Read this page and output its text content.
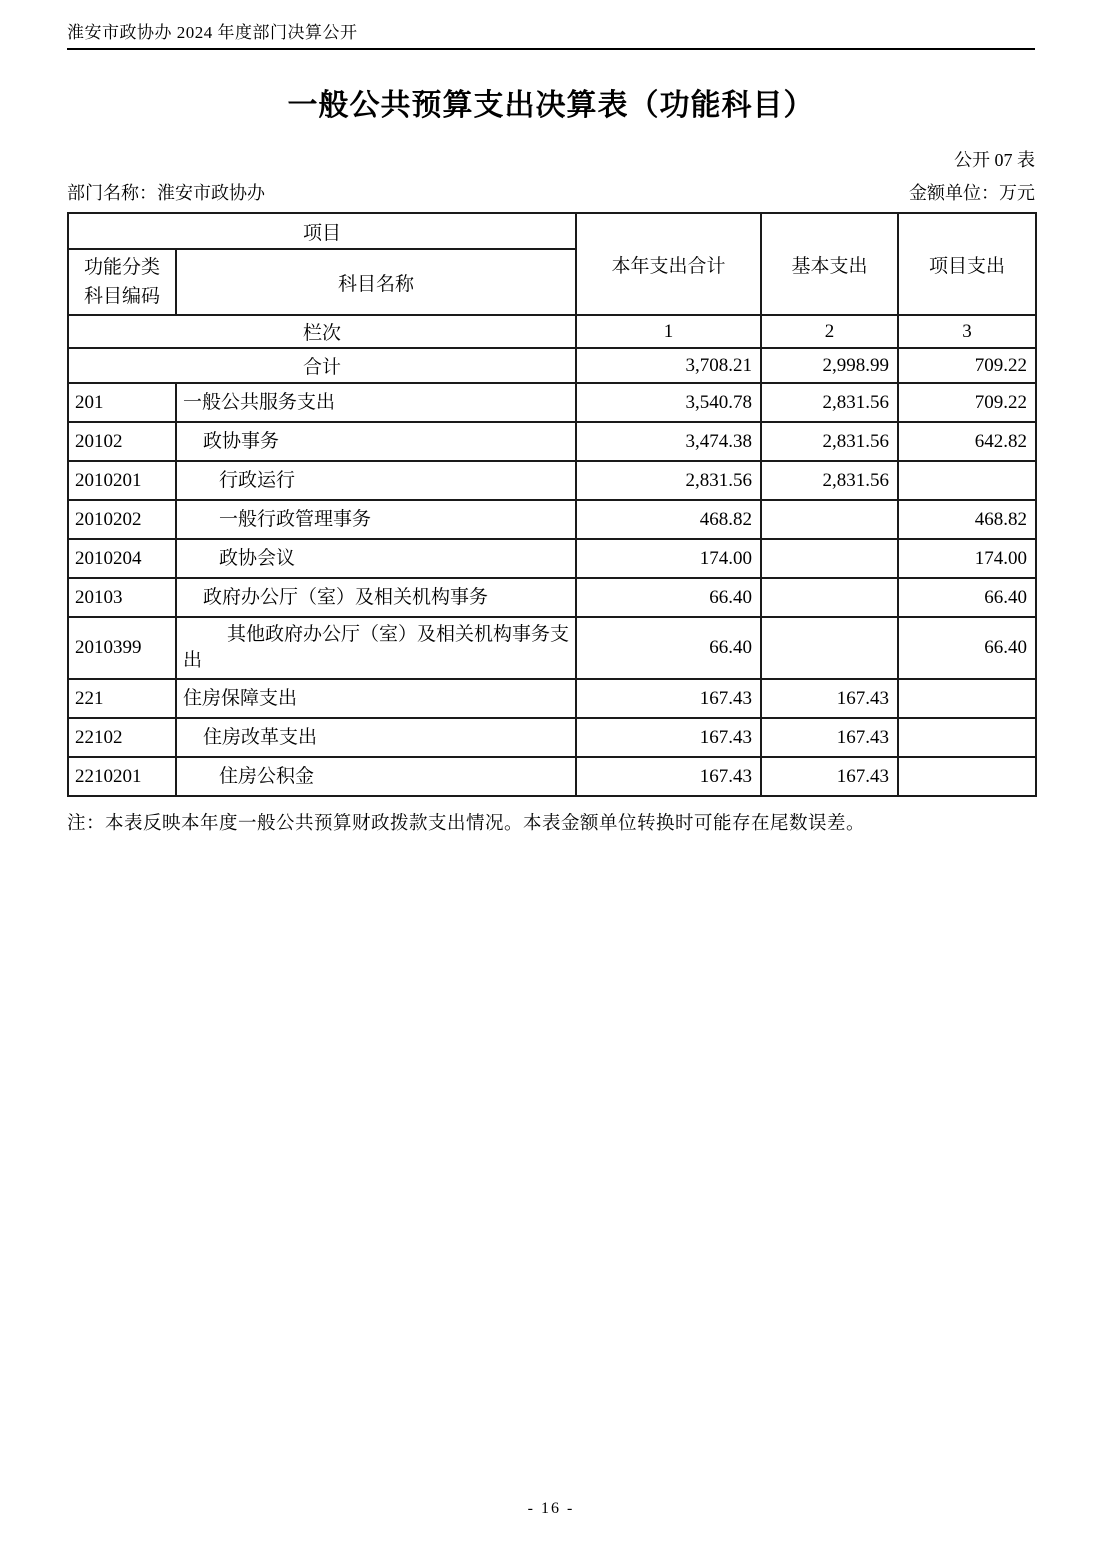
淮安市政协办 2024 年度部门决算公开
一般公共预算支出决算表（功能科目）
公开 07 表
部门名称：淮安市政协办	金额单位：万元
项目		本年支出合计	基本支出	项目支出

功能分类
科目编码	科目名称			
栏次		1	2	3
合计		3,708.21	2,998.99	709.22
201	一般公共服务支出	3,540.78	2,831.56	709.22
20102	政协事务	3,474.38	2,831.56	642.82
2010201	行政运行	2,831.56	2,831.56	
2010202	一般行政管理事务	468.82		468.82
2010204	政协会议	174.00		174.00
20103	政府办公厅（室）及相关机构事务	66.40		66.40
2010399	其他政府办公厅（室）及相关机构事务支出	66.40		66.40
221	住房保障支出	167.43	167.43	
22102	住房改革支出	167.43	167.43	
2210201	住房公积金	167.43	167.43	
注：本表反映本年度一般公共预算财政拨款支出情况。本表金额单位转换时可能存在尾数误差。
- 16 -
